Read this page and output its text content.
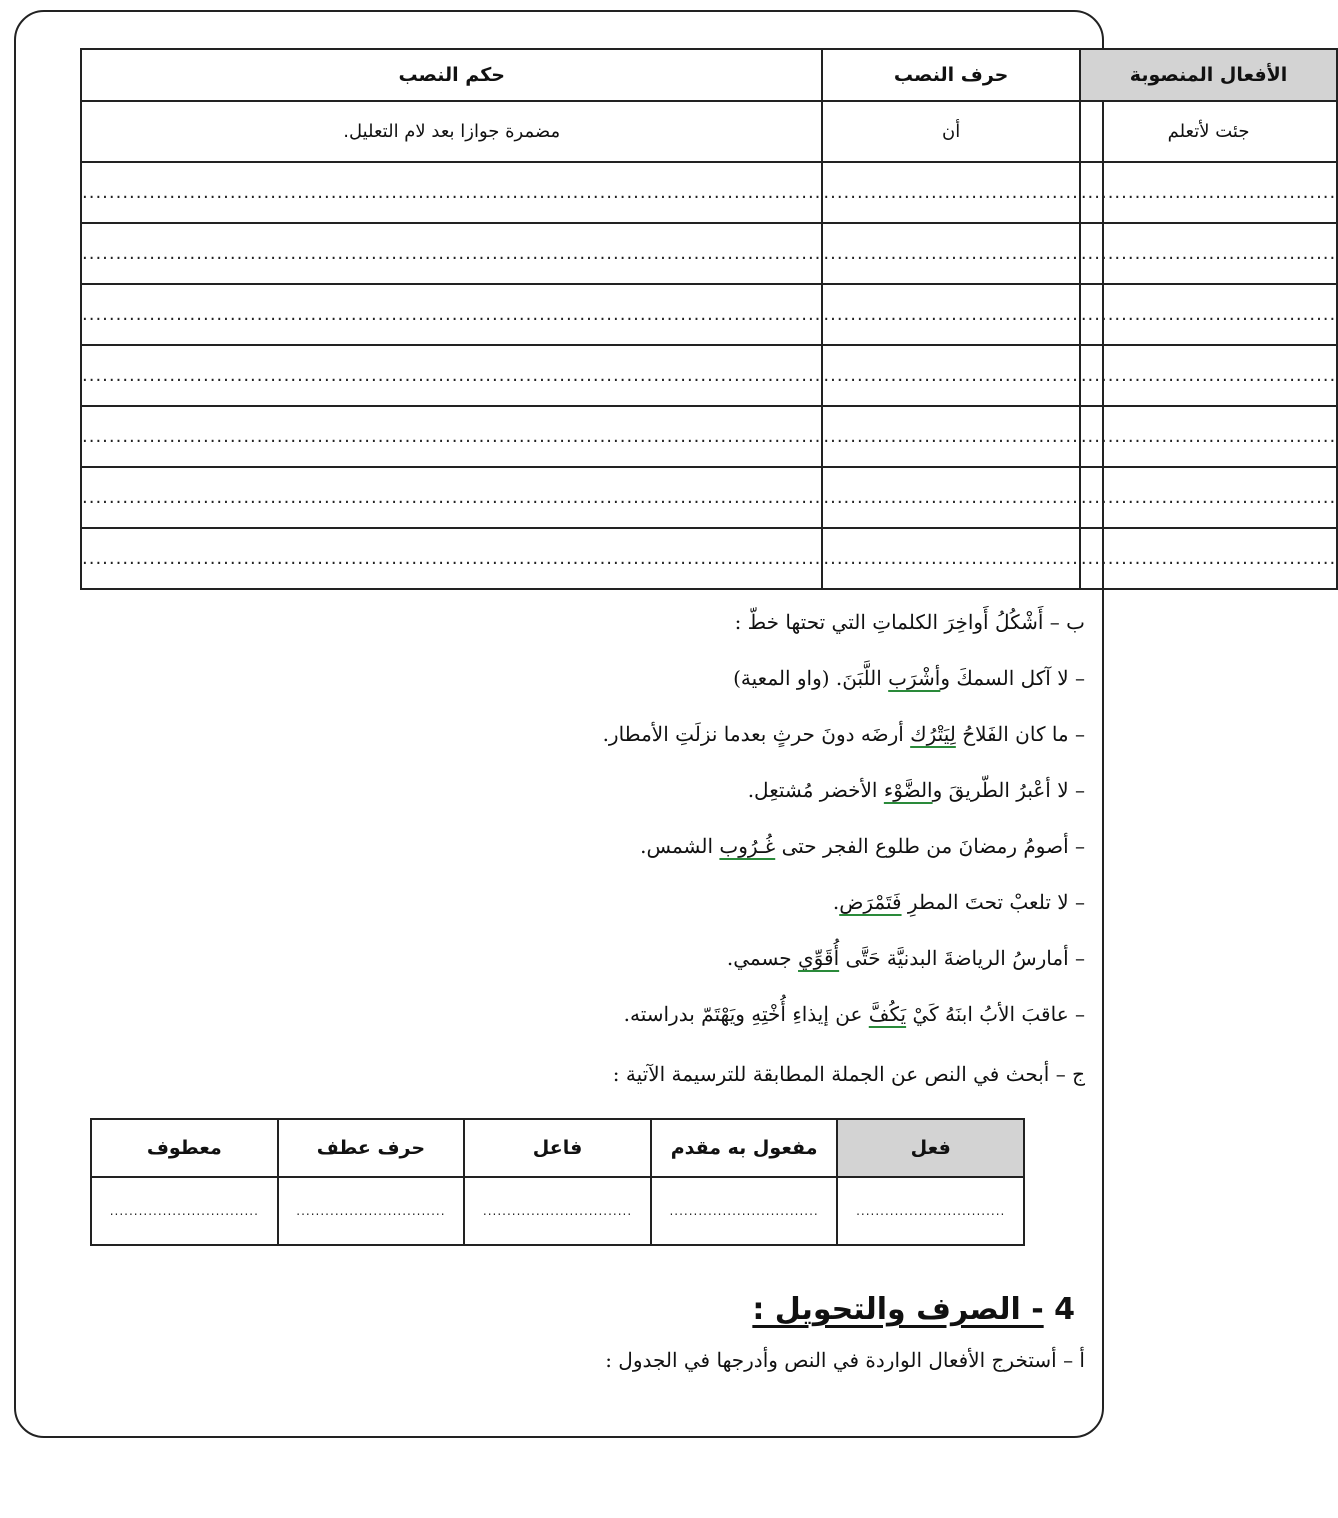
الأفعال المنصوبة	حرف النصب	حكم النصب
جئت لأتعلم	أن	مضمرة جوازا بعد لام التعليل.
......................................	......................................	..............................................................................................................
......................................	......................................	..............................................................................................................
......................................	......................................	..............................................................................................................
......................................	......................................	..............................................................................................................
......................................	......................................	..............................................................................................................
......................................	......................................	..............................................................................................................
......................................	......................................	..............................................................................................................
ب – أَشْكُلُ أَواخِرَ الكلماتِ التي تحتها خطّ :
– لا آكل السمكَ وأشْرَب اللَّبَنَ. (واو المعية)
– ما كان الفَلاحُ لِيَتْرُك أرضَه دونَ حرثٍ بعدما نزلَتِ الأمطار.
– لا أعْبرُ الطّريقَ والضَّوْء الأخضر مُشتعِل.
– أصومُ رمضانَ من طلوع الفجر حتى غُـرُوب الشمس.
– لا تلعبْ تحتَ المطرِ فَتَمْرَض.
– أمارسُ الرياضةَ البدنيَّة حَتَّى أُقَوِّي جسمي.
– عاقبَ الأبُ ابنَهُ كَيْ يَكُفَّ عن إيذاءِ أُخْتِهِ ويَهْتَمّ بدراسته.
ج – أبحث في النص عن الجملة المطابقة للترسيمة الآتية :
فعل	مفعول به مقدم	فاعل	حرف عطف	معطوف
...............................	...............................	...............................	...............................	...............................
4 - الصرف والتحويل :
أ – أستخرج الأفعال الواردة في النص وأدرجها في الجدول :
